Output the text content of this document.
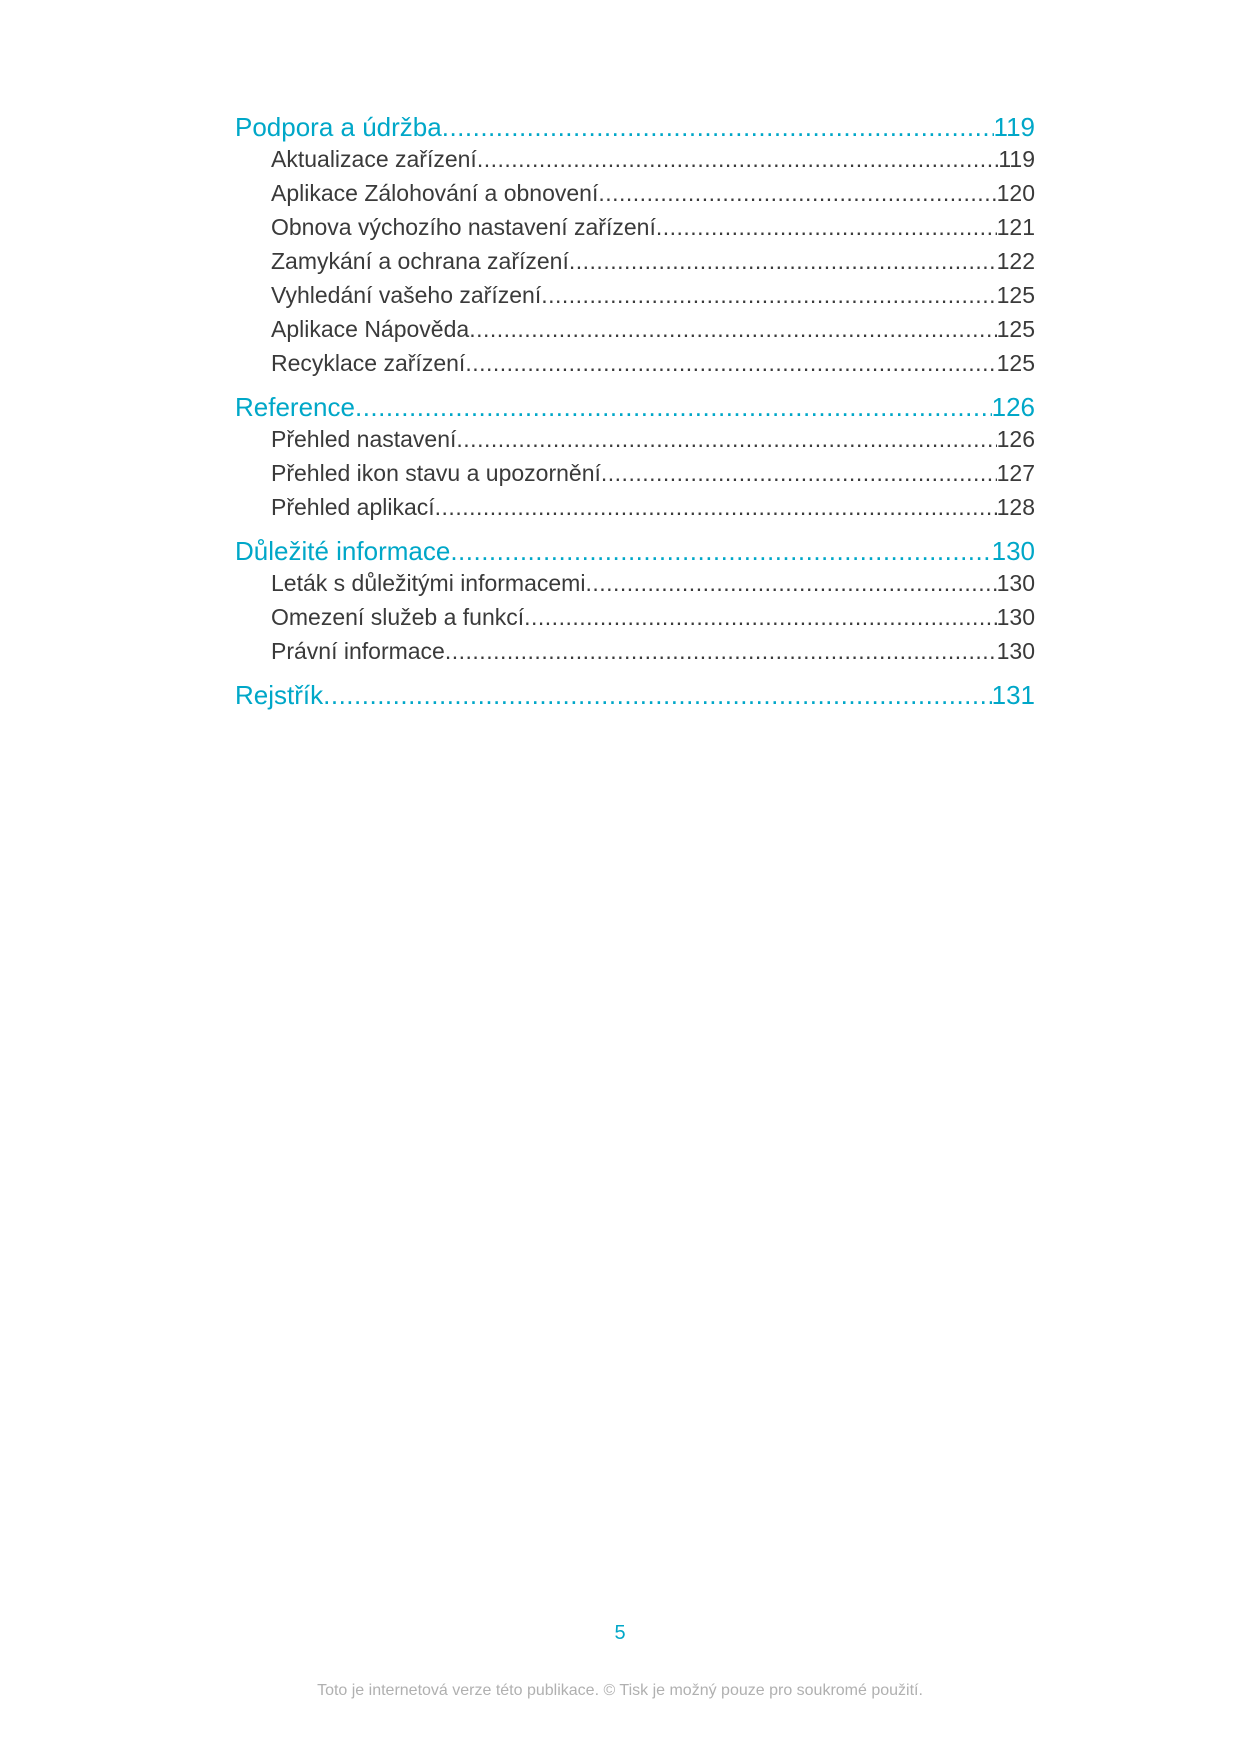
Podpora a údržba .....	119
Aktualizace zařízení .....	119
Aplikace Zálohování a obnovení .....	120
Obnova výchozího nastavení zařízení .....	121
Zamykání a ochrana zařízení .....	122
Vyhledání vašeho zařízení .....	125
Aplikace Nápověda .....	125
Recyklace zařízení .....	125
Reference .....	126
Přehled nastavení .....	126
Přehled ikon stavu a upozornění .....	127
Přehled aplikací .....	128
Důležité informace .....	130
Leták s důležitými informacemi .....	130
Omezení služeb a funkcí .....	130
Právní informace .....	130
Rejstřík .....	131
5
Toto je internetová verze této publikace. © Tisk je možný pouze pro soukromé použití.
